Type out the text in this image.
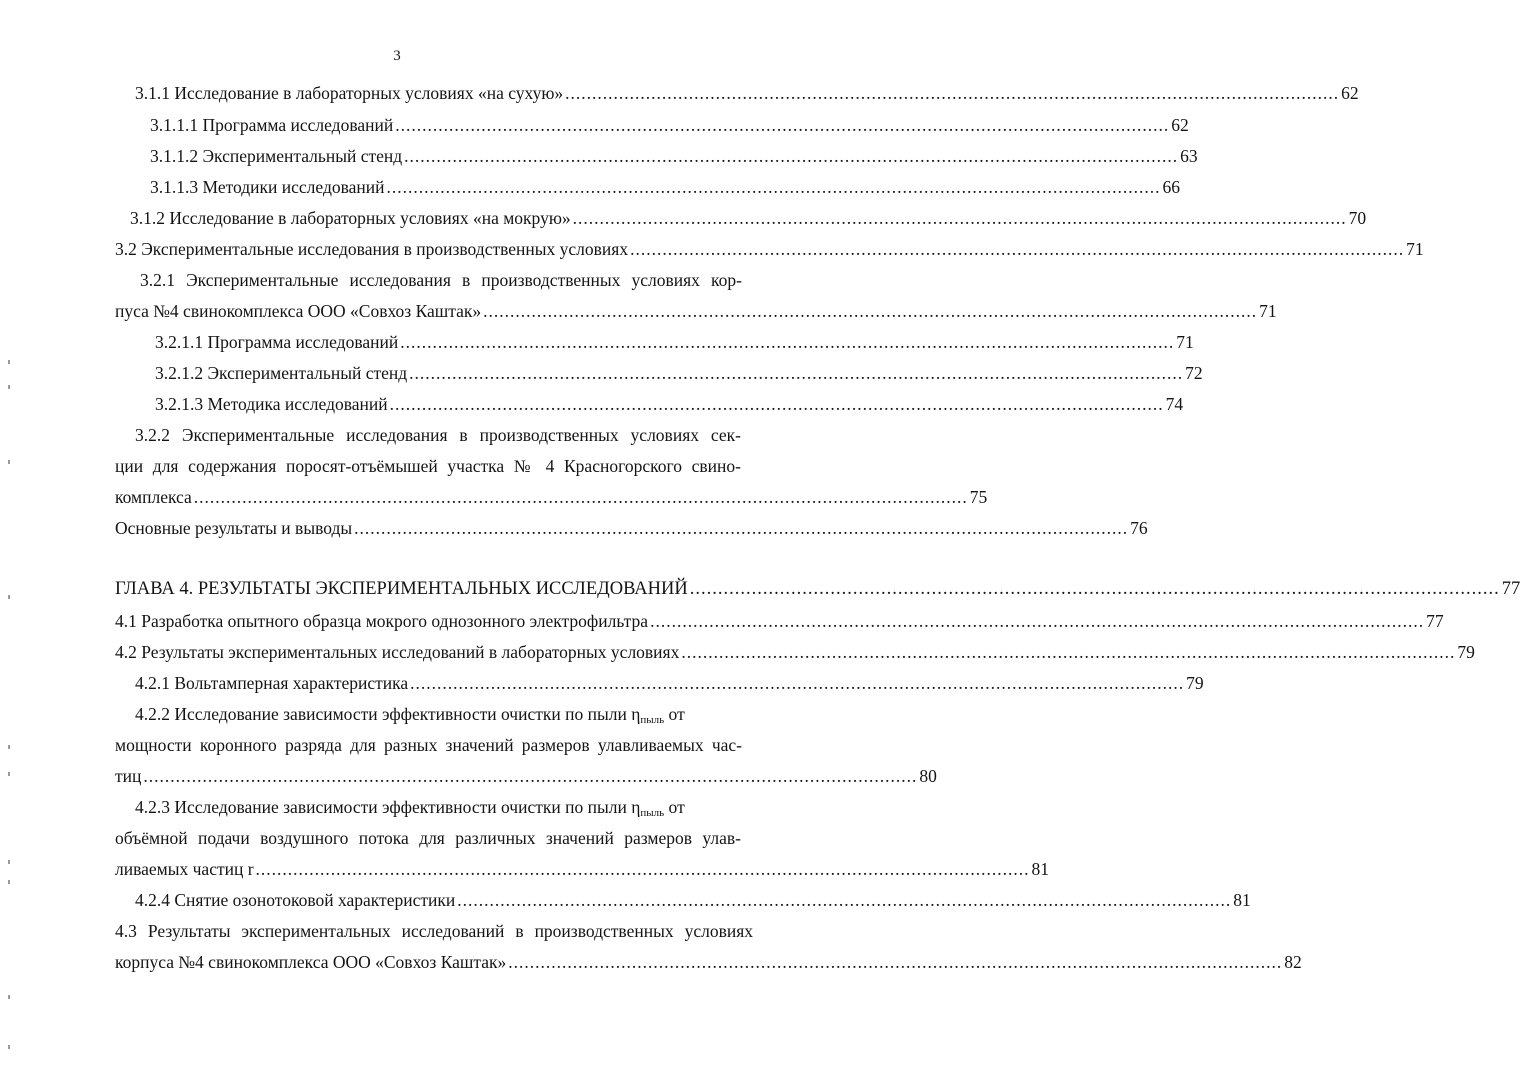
3
3.1.1 Исследование в лабораторных условиях «на сухую» ................................................................................................................................................ 62
3.1.1.1 Программа исследований ................................................................................................................................................ 62
3.1.1.2 Экспериментальный стенд ................................................................................................................................................ 63
3.1.1.3 Методики исследований ................................................................................................................................................ 66
3.1.2 Исследование в лабораторных условиях «на мокрую» ................................................................................................................................................ 70
3.2 Экспериментальные исследования в производственных условиях ................................................................................................................................................ 71
3.2.1 Экспериментальные исследования в производственных условиях кор-
пуса №4 свинокомплекса ООО «Совхоз Каштак» ................................................................................................................................................ 71
3.2.1.1 Программа исследований ................................................................................................................................................ 71
3.2.1.2 Экспериментальный стенд ................................................................................................................................................ 72
3.2.1.3 Методика исследований ................................................................................................................................................ 74
3.2.2 Экспериментальные исследования в производственных условиях сек-
ции для содержания поросят-отъёмышей участка № 4 Красногорского свино-
комплекса ................................................................................................................................................ 75
Основные результаты и выводы ................................................................................................................................................ 76
ГЛАВА 4. РЕЗУЛЬТАТЫ ЭКСПЕРИМЕНТАЛЬНЫХ ИССЛЕДОВАНИЙ ................................................................................................................................................ 77
4.1 Разработка опытного образца мокрого однозонного электрофильтра ................................................................................................................................................ 77
4.2 Результаты экспериментальных исследований в лабораторных условиях ................................................................................................................................................ 79
4.2.1 Вольтамперная характеристика ................................................................................................................................................ 79
4.2.2 Исследование зависимости эффективности очистки по пыли $\eta_{пыль}$ от
мощности коронного разряда для разных значений размеров улавливаемых час-
тиц ................................................................................................................................................ 80
4.2.3 Исследование зависимости эффективности очистки по пыли $\eta_{пыль}$ от
объёмной подачи воздушного потока для различных значений размеров улав-
ливаемых частиц r ................................................................................................................................................ 81
4.2.4 Снятие озонотоковой характеристики ................................................................................................................................................ 81
4.3 Результаты экспериментальных исследований в производственных условиях
корпуса №4 свинокомплекса ООО «Совхоз Каштак» ................................................................................................................................................ 82
